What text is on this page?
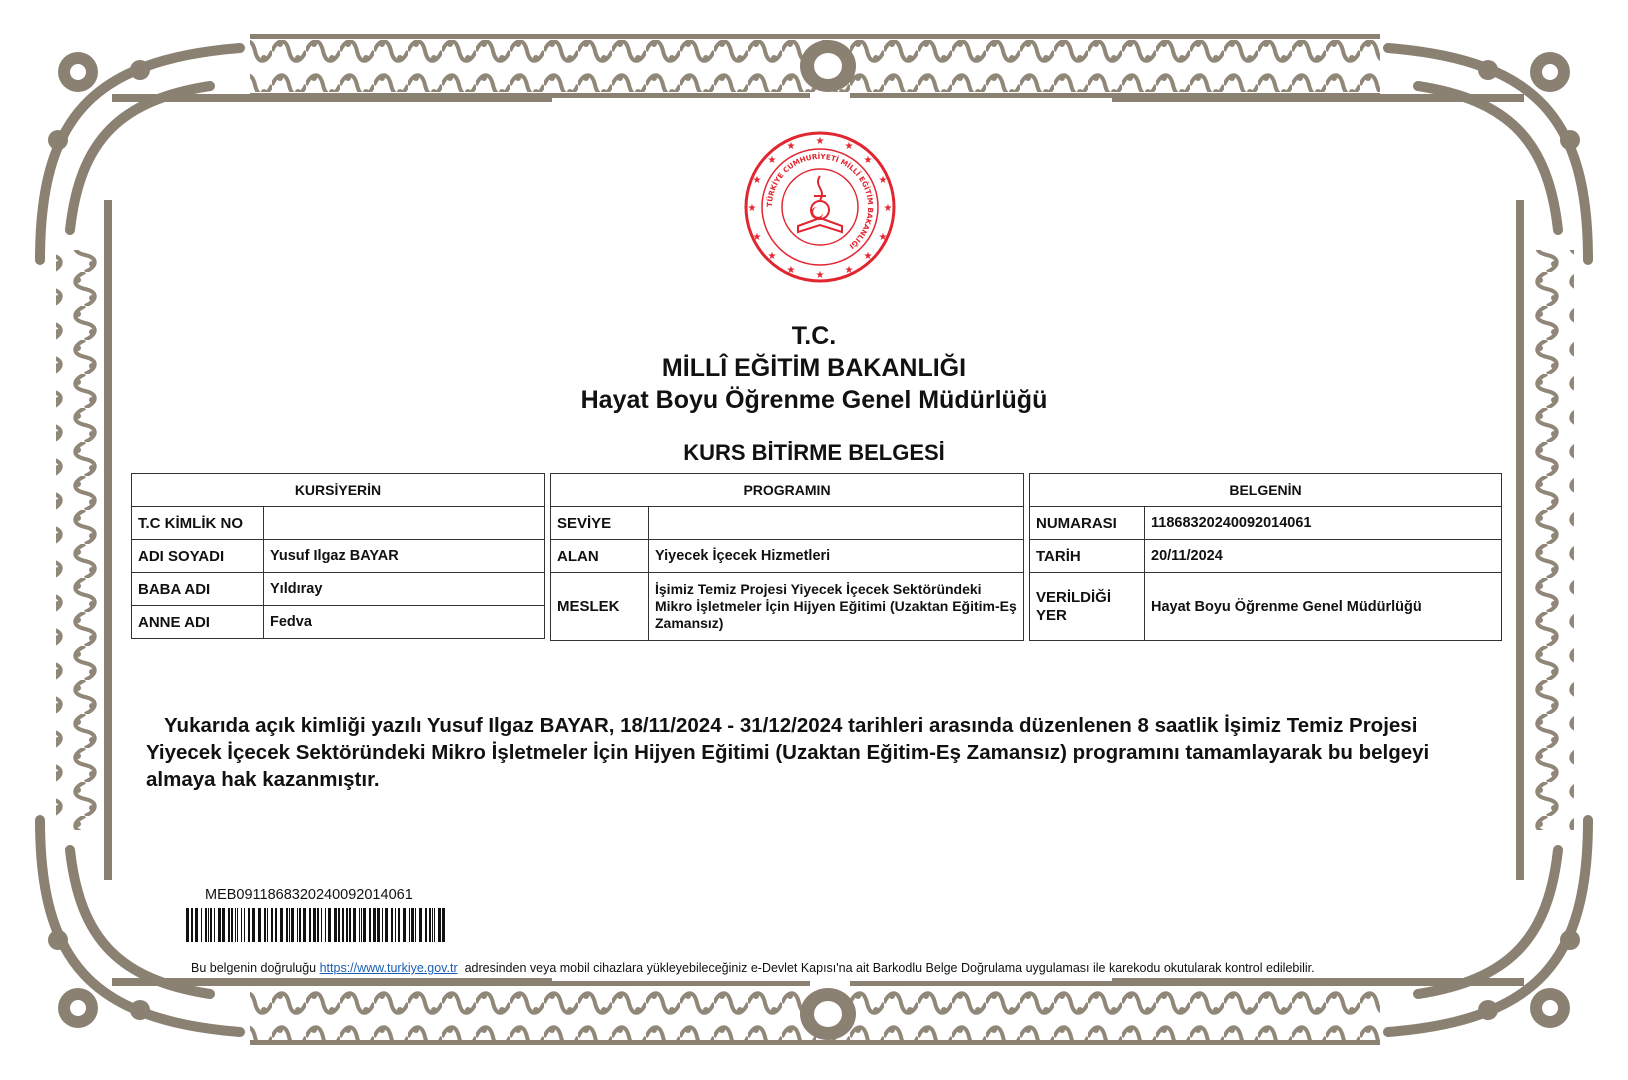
★
★
★	★
★	★
★	★
★	★
★	★
★	★
★	★
TÜRKİYE CUMHURİYETİ MİLLÎ EĞİTİM BAKANLIĞI
T.C.
MİLLÎ EĞİTİM BAKANLIĞI
Hayat Boyu Öğrenme Genel Müdürlüğü
KURS BİTİRME BELGESİ
KURSİYERİN	
T.C KİMLİK NO	
ADI SOYADI	Yusuf Ilgaz BAYAR
BABA ADI	Yıldıray
ANNE ADI	Fedva
PROGRAMIN	
SEVİYE	
ALAN	Yiyecek İçecek Hizmetleri
MESLEK	İşimiz Temiz Projesi Yiyecek İçecek Sektöründeki Mikro İşletmeler İçin Hijyen Eğitimi (Uzaktan Eğitim-Eş Zamansız)
BELGENİN	
NUMARASI	11868320240092014061
TARİH	20/11/2024
VERİLDİĞİ YER	Hayat Boyu Öğrenme Genel Müdürlüğü

Yukarıda açık kimliği yazılı Yusuf Ilgaz BAYAR, 18/11/2024 - 31/12/2024 tarihleri arasında düzenlenen 8 saatlik İşimiz Temiz Projesi Yiyecek İçecek Sektöründeki Mikro İşletmeler İçin Hijyen Eğitimi (Uzaktan Eğitim-Eş Zamansız) programını tamamlayarak bu belgeyi almaya hak kazanmıştır.

MEB0911868320240092014061
Bu belgenin doğruluğu https://www.turkiye.gov.tr adresinden veya mobil cihazlara yükleyebileceğiniz e-Devlet Kapısı'na ait Barkodlu Belge Doğrulama uygulaması ile karekodu okutularak kontrol edilebilir.
